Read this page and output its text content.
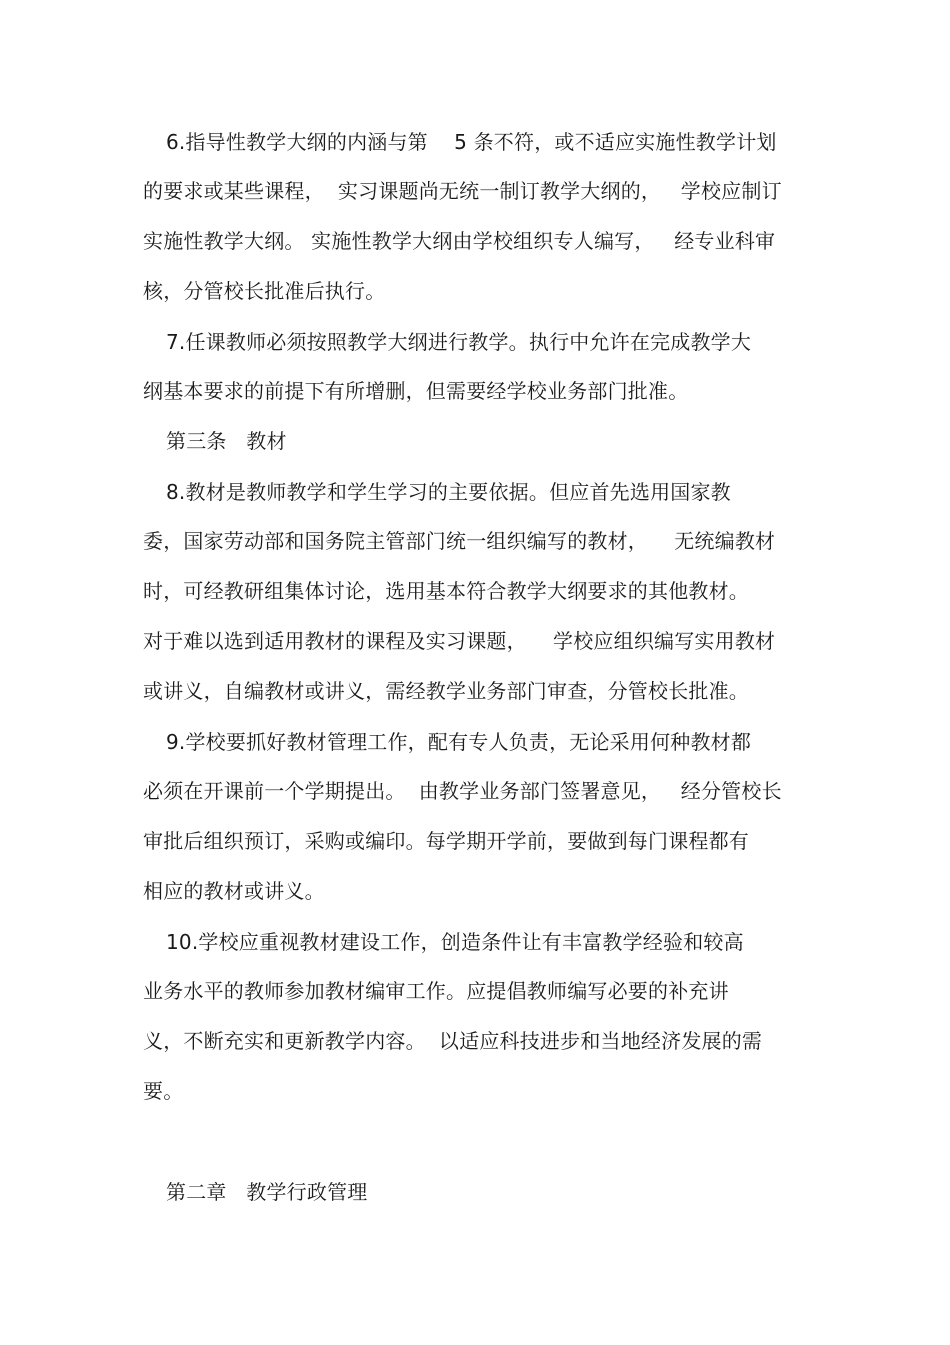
6.指导性教学大纲的内涵与第    5 条不符，或不适应实施性教学计划
的要求或某些课程，  实习课题尚无统一制订教学大纲的，   学校应制订
实施性教学大纲。 实施性教学大纲由学校组织专人编写，   经专业科审
核，分管校长批准后执行。
7.任课教师必须按照教学大纲进行教学。执行中允许在完成教学大
纲基本要求的前提下有所增删，但需要经学校业务部门批准。
第三条   教材
8.教材是教师教学和学生学习的主要依据。但应首先选用国家教
委，国家劳动部和国务院主管部门统一组织编写的教材，    无统编教材
时，可经教研组集体讨论，选用基本符合教学大纲要求的其他教材。
对于难以选到适用教材的课程及实习课题，    学校应组织编写实用教材
或讲义，自编教材或讲义，需经教学业务部门审查，分管校长批准。
9.学校要抓好教材管理工作，配有专人负责，无论采用何种教材都
必须在开课前一个学期提出。  由教学业务部门签署意见，   经分管校长
审批后组织预订，采购或编印。每学期开学前，要做到每门课程都有
相应的教材或讲义。
10.学校应重视教材建设工作，创造条件让有丰富教学经验和较高
业务水平的教师参加教材编审工作。应提倡教师编写必要的补充讲
义，不断充实和更新教学内容。  以适应科技进步和当地经济发展的需
要。
第二章   教学行政管理
